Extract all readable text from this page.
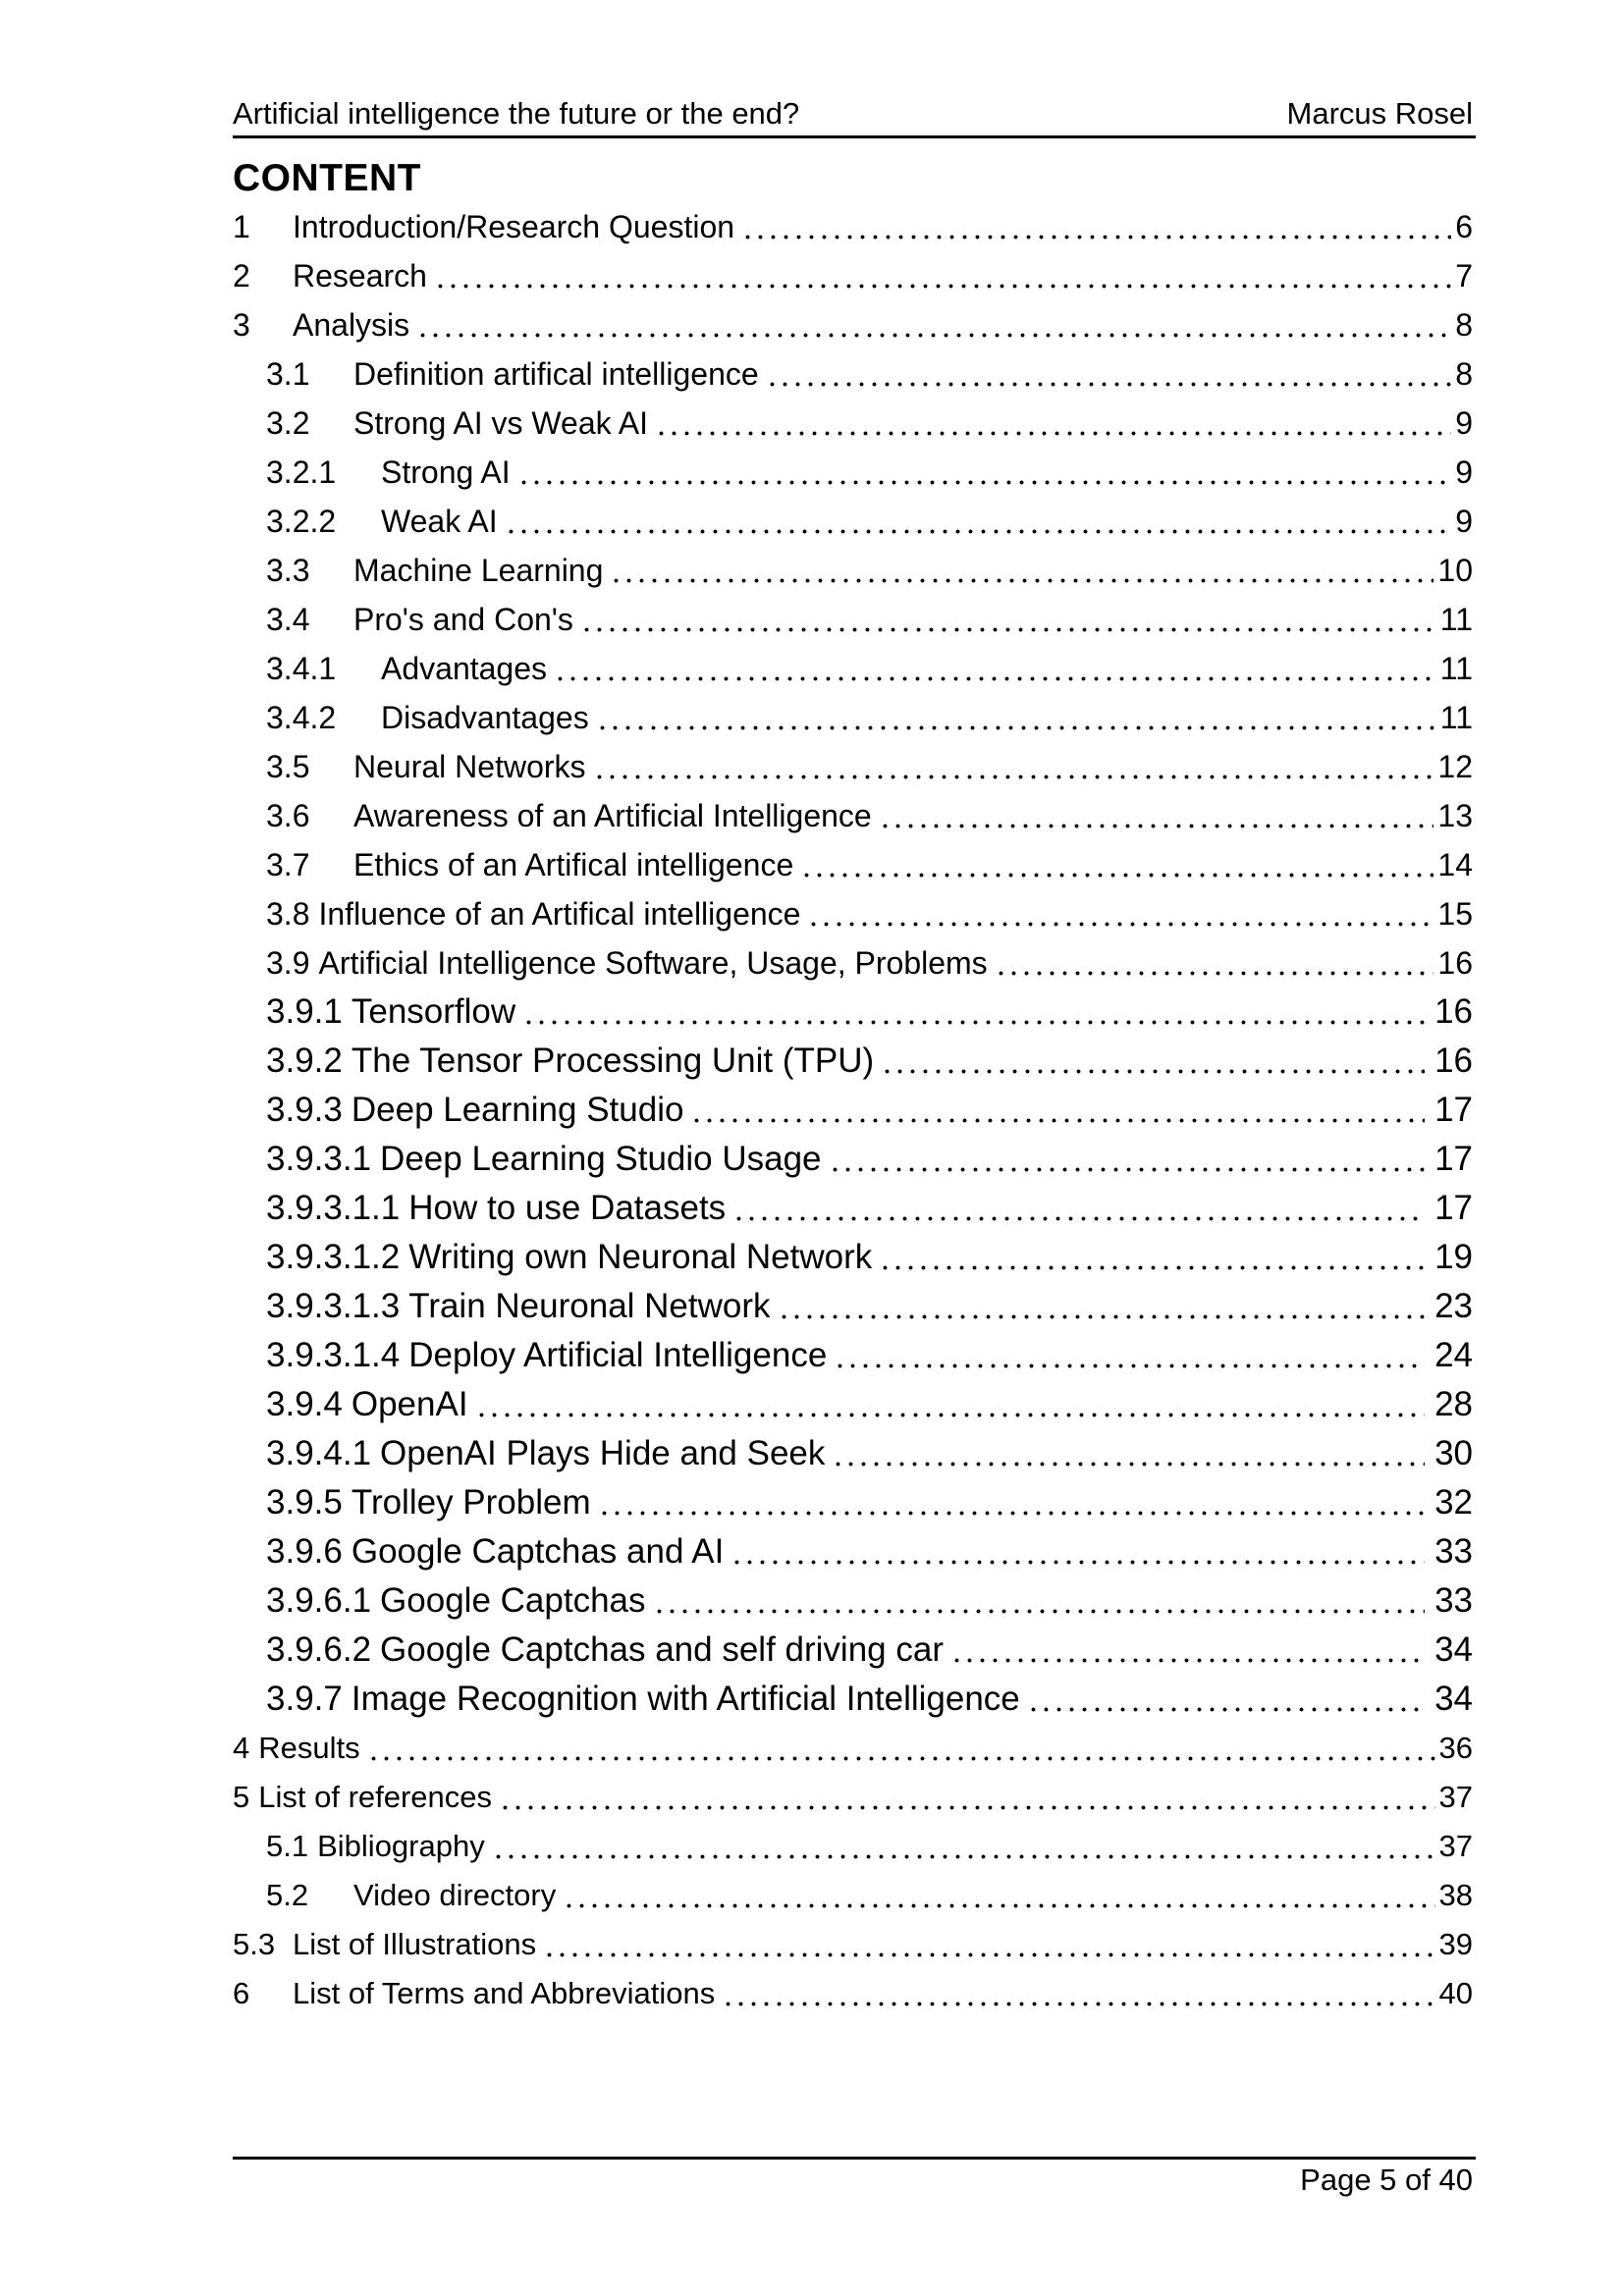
Artificial intelligence the future or the end?	Marcus Rosel
CONTENT
1	Introduction/Research Question	6
2	Research	7
3	Analysis	8
3.1	Definition artifical intelligence	8
3.2	Strong AI vs Weak AI	9
3.2.1	Strong AI	9
3.2.2	Weak AI	9
3.3	Machine Learning	10
3.4	Pro's and Con's	11
3.4.1	Advantages	11
3.4.2	Disadvantages	11
3.5	Neural Networks	12
3.6	Awareness of an Artificial Intelligence	13
3.7	Ethics of an Artifical intelligence	14
3.8 Influence of an Artifical intelligence	15
3.9 Artificial Intelligence Software, Usage, Problems	16
3.9.1 Tensorflow	16
3.9.2 The Tensor Processing Unit (TPU)	16
3.9.3 Deep Learning Studio	17
3.9.3.1 Deep Learning Studio Usage	17
3.9.3.1.1 How to use Datasets	17
3.9.3.1.2 Writing own Neuronal Network	19
3.9.3.1.3 Train Neuronal Network	23
3.9.3.1.4 Deploy Artificial Intelligence	24
3.9.4 OpenAI	28
3.9.4.1 OpenAI Plays Hide and Seek	30
3.9.5 Trolley Problem	32
3.9.6 Google Captchas and AI	33
3.9.6.1 Google Captchas	33
3.9.6.2 Google Captchas and self driving car	34
3.9.7 Image Recognition with Artificial Intelligence	34
4 Results	36
5 List of references	37
5.1 Bibliography	37
5.2	Video directory	38
5.3 List of Illustrations	39
6	List of Terms and Abbreviations	40
Page 5 of 40
